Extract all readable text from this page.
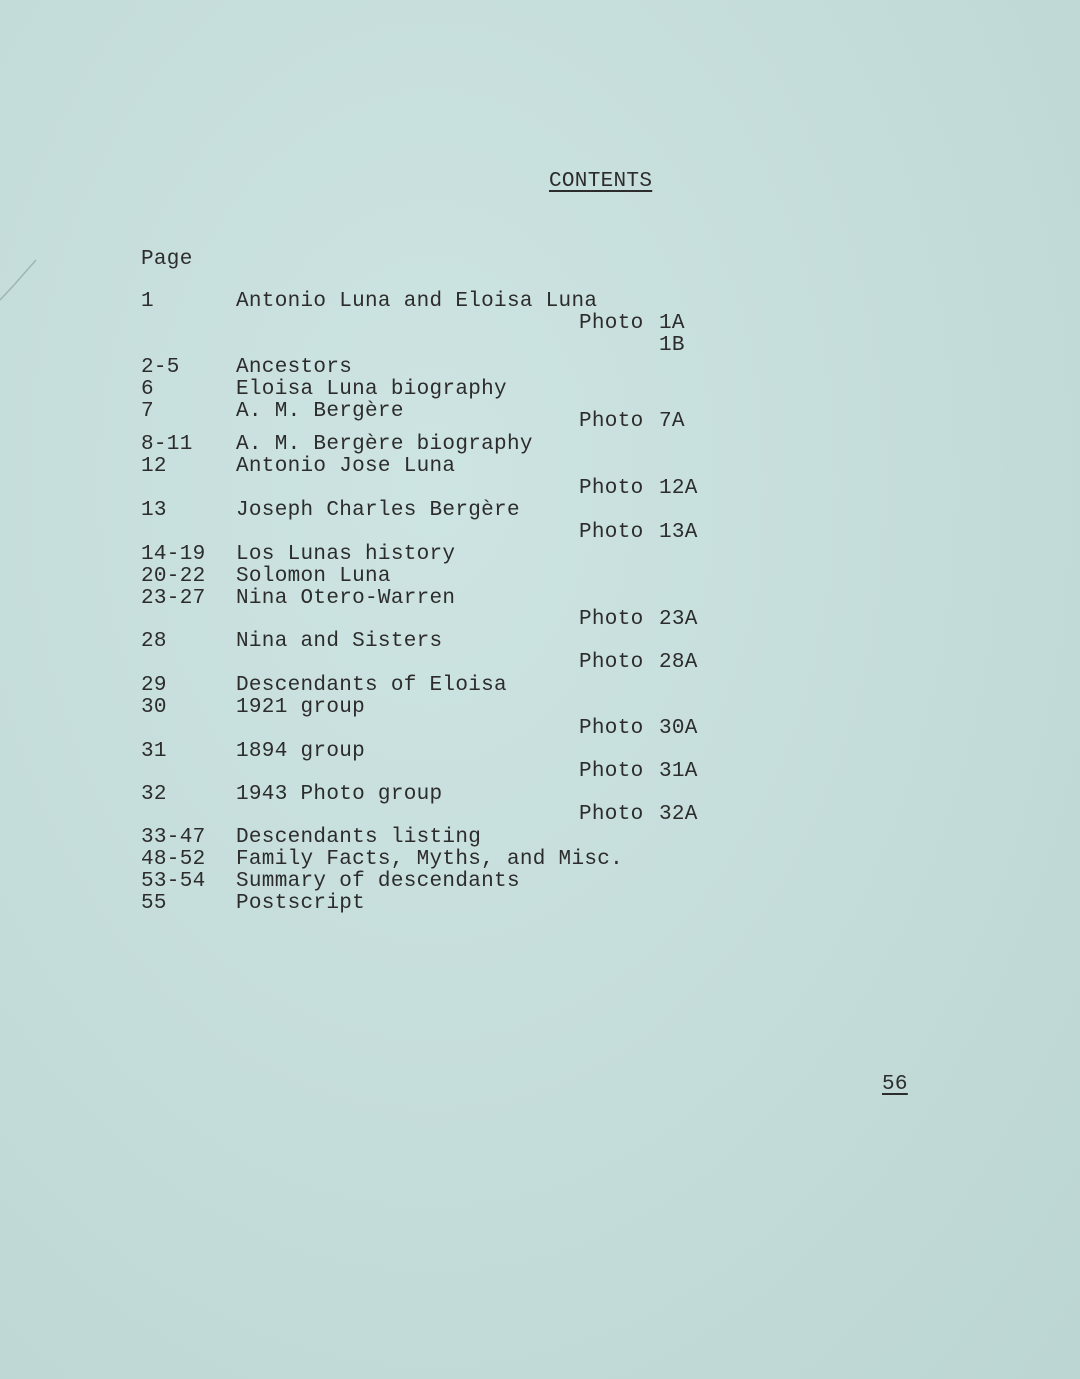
CONTENTS
Page
1
2-5
6
7
8-11
12
13
14-19
20-22
23-27
28
29
30
31
32
33-47
48-52
53-54
55
Antonio Luna and Eloisa Luna
Ancestors
Eloisa Luna biography
A. M. Bergère
A. M. Bergère biography
Antonio Jose Luna
Joseph Charles Bergère
Los Lunas history
Solomon Luna
Nina Otero-Warren
Nina and Sisters
Descendants of Eloisa
1921 group
1894 group
1943 Photo group
Descendants listing
Family Facts, Myths, and Misc.
Summary of descendants
Postscript
Photo 1A
1B
Photo 7A
Photo 12A
Photo 13A
Photo 23A
Photo 28A
Photo 30A
Photo 31A
Photo 32A
56
